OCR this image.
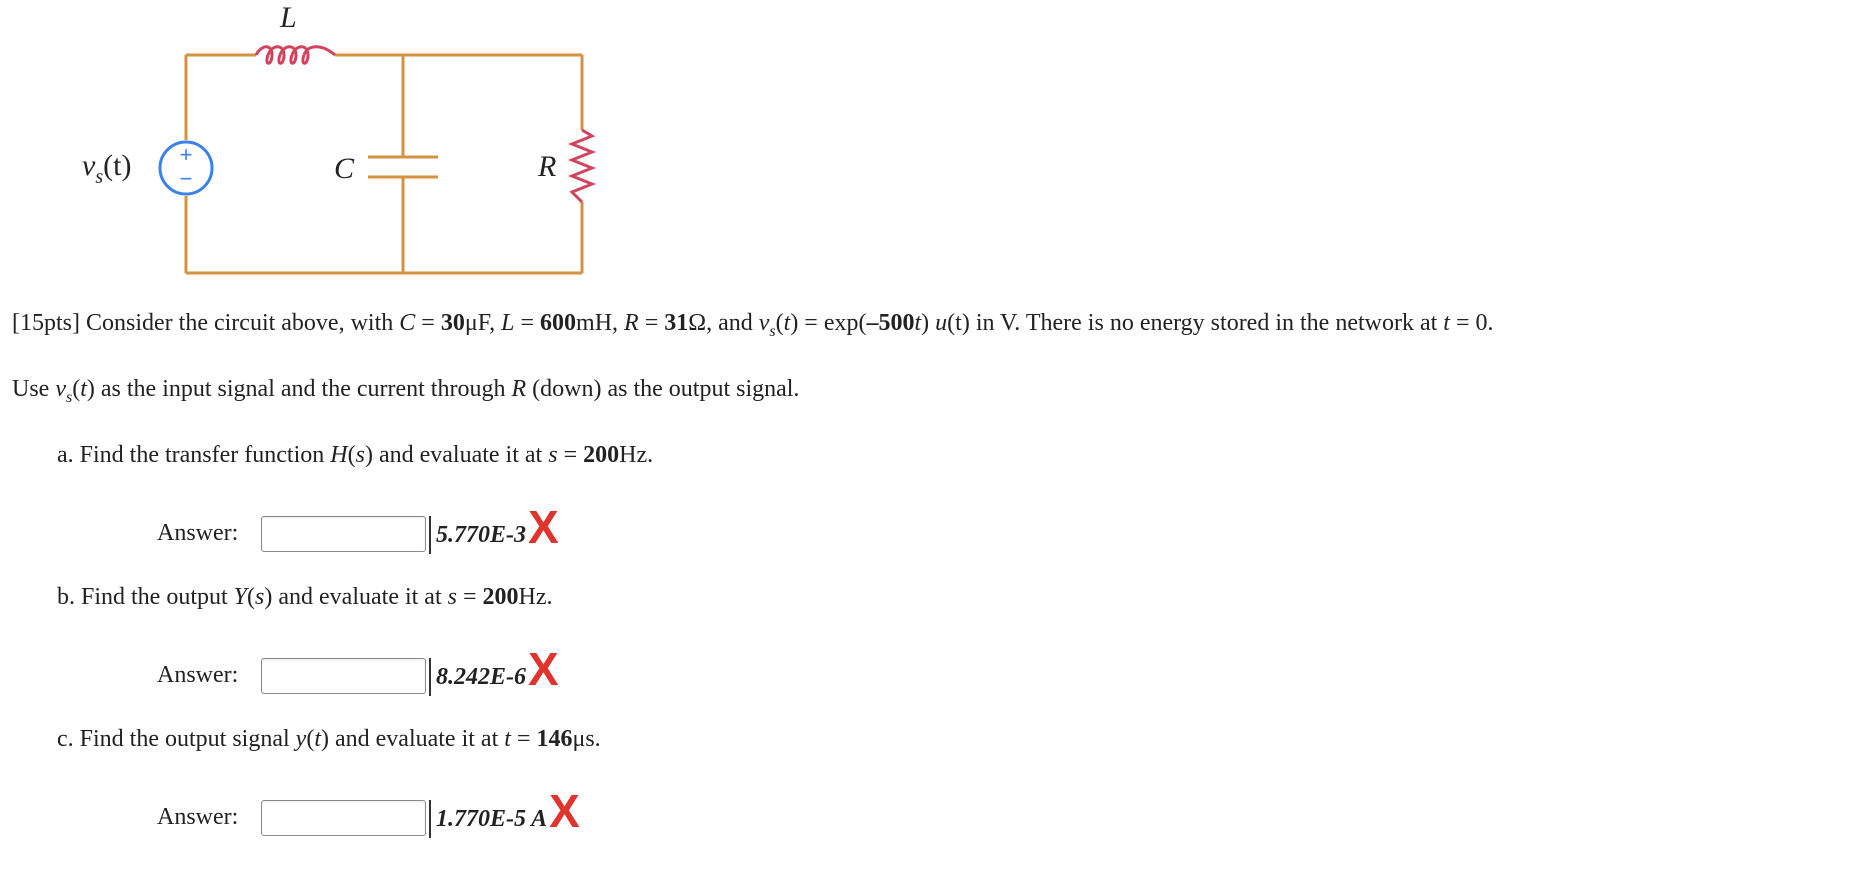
L
C	R
+
−
$v_s(t)$
[15pts] Consider the circuit above, with C = 30μF, L = 600mH, R = 31Ω, and $v_s(t) = \exp(-500t)$ u(t) in V. There is no energy stored in the network at t = 0.
Use $v_s(t)$ as the input signal and the current through R (down) as the output signal.
a. Find the transfer function H(s) and evaluate it at s = 200Hz.
Answer:	5.770E-3 X
b. Find the output Y(s) and evaluate it at s = 200Hz.
Answer:	8.242E-6 X
c. Find the output signal y(t) and evaluate it at t = 146μs.
Answer:	1.770E-5 A X
